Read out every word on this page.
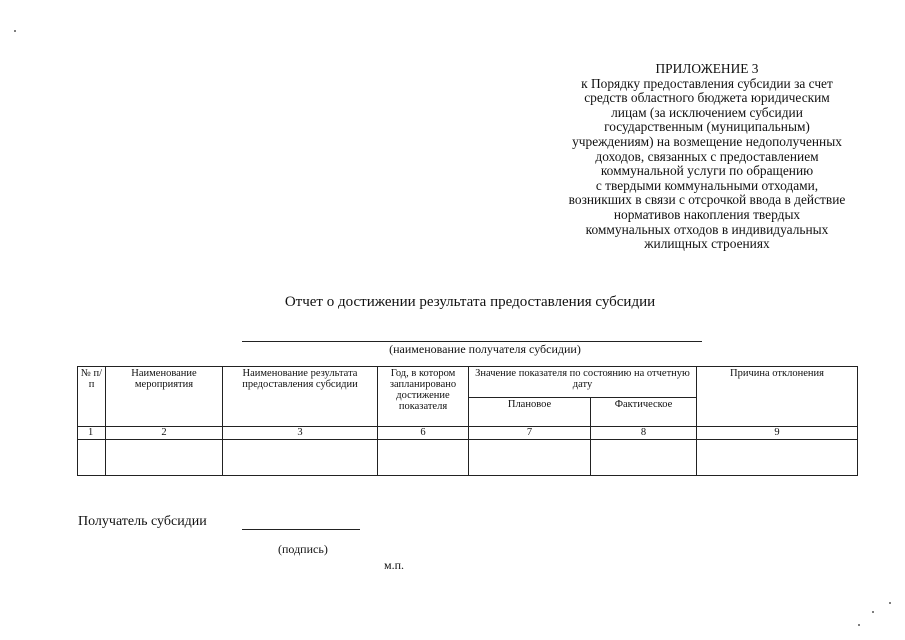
ПРИЛОЖЕНИЕ 3
к Порядку предоставления субсидии за счет
средств областного бюджета юридическим
лицам (за исключением субсидии
государственным (муниципальным)
учреждениям) на возмещение недополученных
доходов, связанных с предоставлением
коммунальной услуги по обращению
с твердыми коммунальными отходами,
возникших в связи с отсрочкой ввода в действие
нормативов накопления твердых
коммунальных отходов в индивидуальных
жилищных строениях
Отчет о достижении результата предоставления субсидии
(наименование получателя субсидии)
№ п/п	Наименование мероприятия	Наименование результата предоставления субсидии	Год, в котором запланировано достижение показателя	Значение показателя по состоянию на отчетную дату		Причина отклонения
				Плановое	Фактическое	
1	2	3	6	7	8	9

Получатель субсидии
(подпись)
м.п.
